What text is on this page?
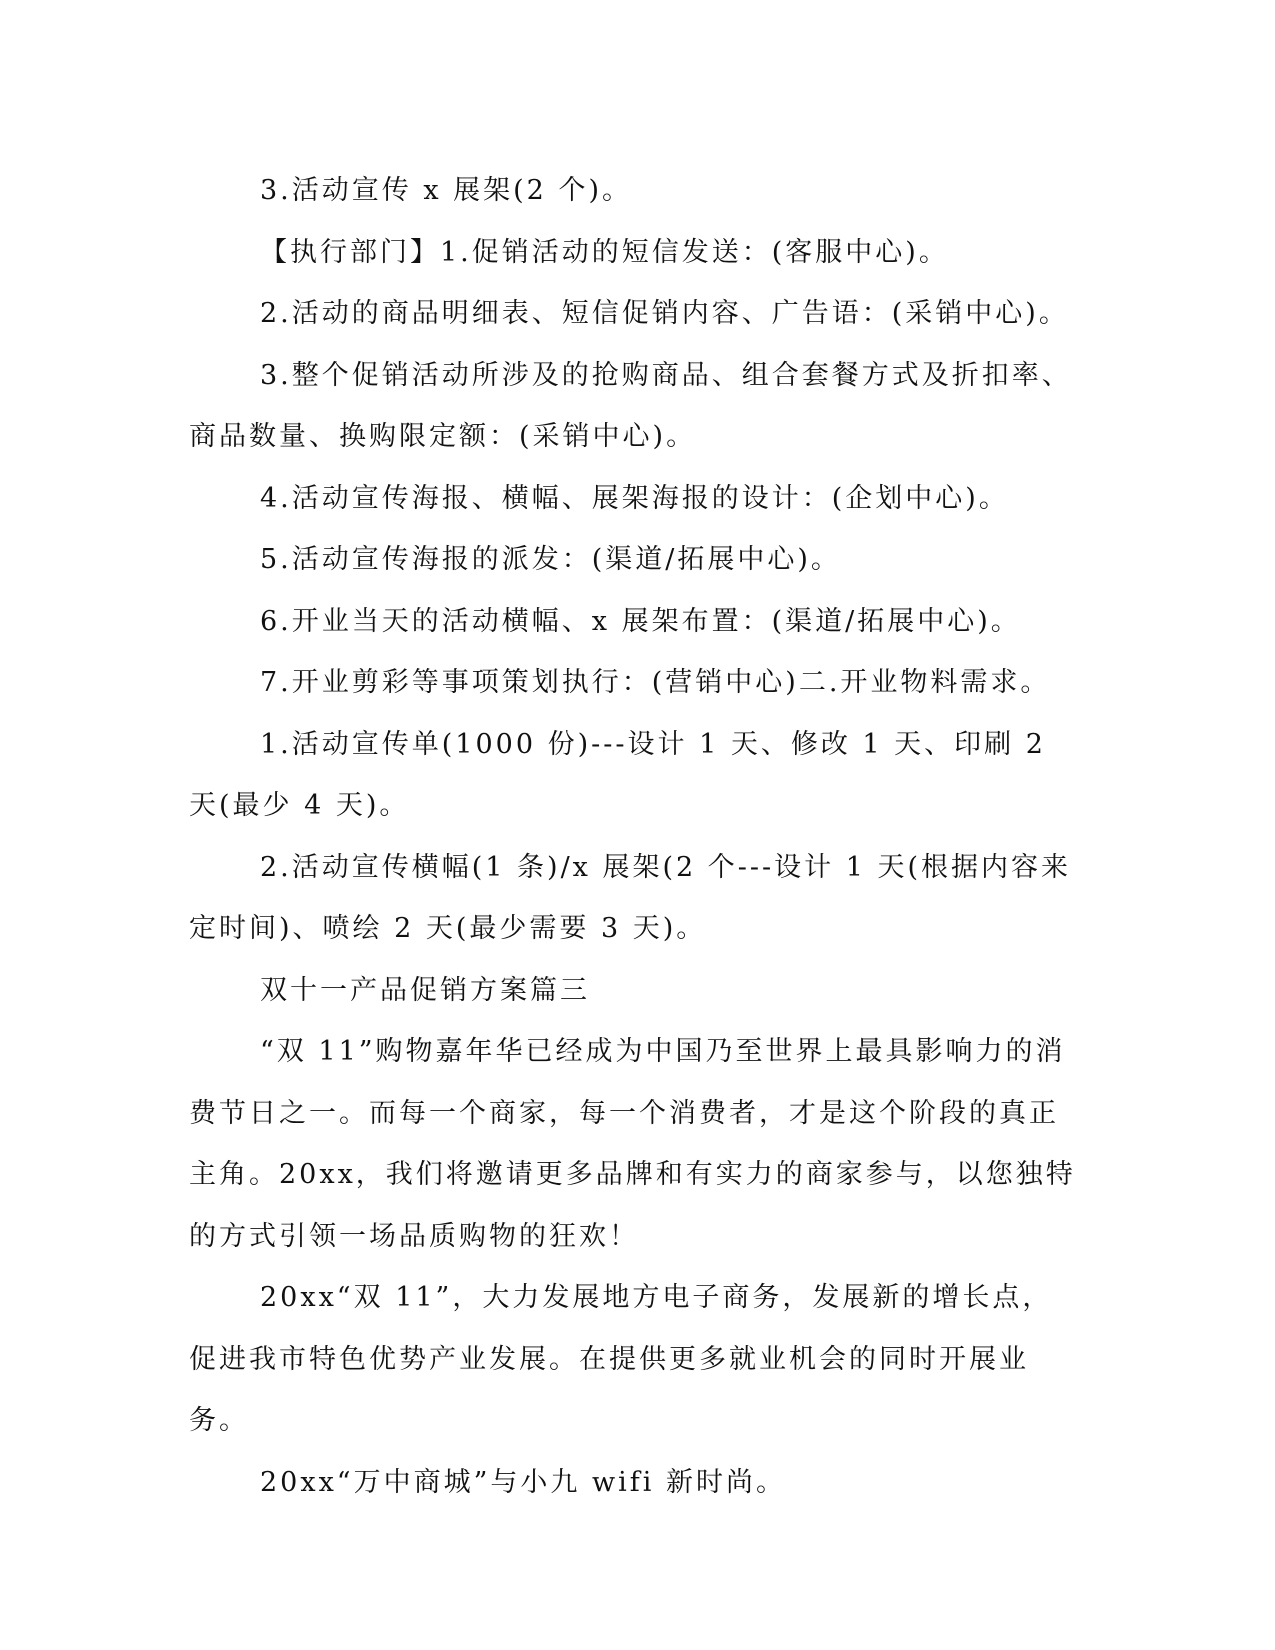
3.活动宣传 x 展架(2 个)。

【执行部门】1.促销活动的短信发送：(客服中心)。

2.活动的商品明细表、短信促销内容、广告语：(采销中心)。

3.整个促销活动所涉及的抢购商品、组合套餐方式及折扣率、商品数量、换购限定额：(采销中心)。

4.活动宣传海报、横幅、展架海报的设计：(企划中心)。

5.活动宣传海报的派发：(渠道/拓展中心)。

6.开业当天的活动横幅、x 展架布置：(渠道/拓展中心)。

7.开业剪彩等事项策划执行：(营销中心)二.开业物料需求。

1.活动宣传单(1000 份)---设计 1 天、修改 1 天、印刷 2 天(最少 4 天)。

2.活动宣传横幅(1 条)/x 展架(2 个---设计 1 天(根据内容来定时间)、喷绘 2 天(最少需要 3 天)。

双十一产品促销方案篇三

“双 11”购物嘉年华已经成为中国乃至世界上最具影响力的消费节日之一。而每一个商家，每一个消费者，才是这个阶段的真正主角。20xx，我们将邀请更多品牌和有实力的商家参与，以您独特的方式引领一场品质购物的狂欢！

20xx“双 11”，大力发展地方电子商务，发展新的增长点，促进我市特色优势产业发展。在提供更多就业机会的同时开展业务。

20xx“万中商城”与小九 wifi 新时尚。
